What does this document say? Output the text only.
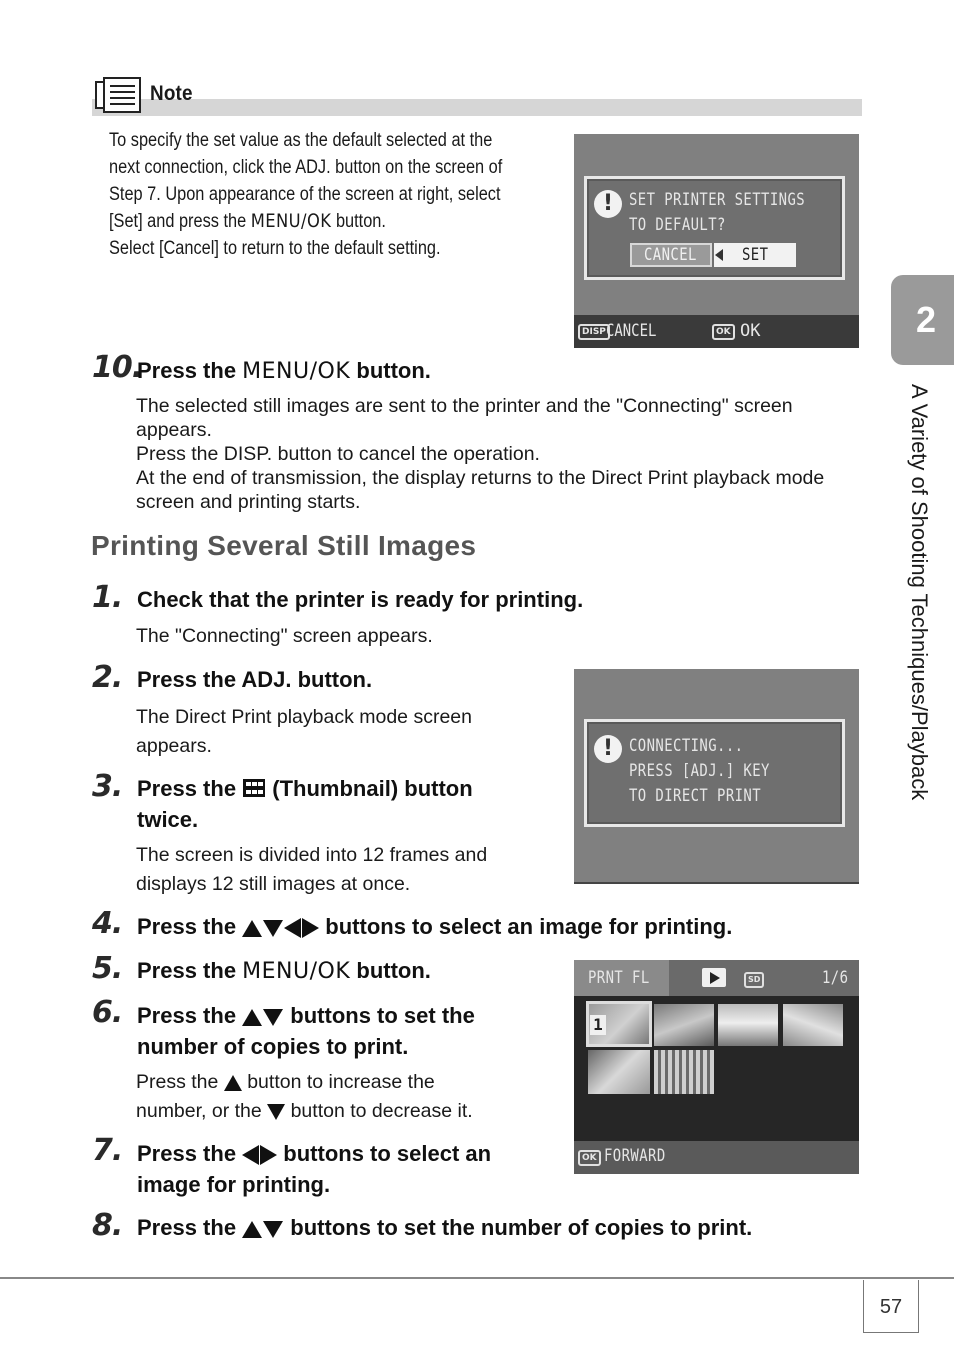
Note

To specify the set value as the default selected at the

next connection, click the ADJ. button on the screen of

Step 7. Upon appearance of the screen at right, select

[Set] and press the MENU/OK button.

Select [Cancel] to return to the default setting.

! SET PRINTER SETTINGS
TO DEFAULT?
CANCEL	SET
DISP CANCEL	OK OK
10.
Press the MENU/OK button.
The selected still images are sent to the printer and the "Connecting" screen
appears.
Press the DISP. button to cancel the operation.
At the end of transmission, the display returns to the Direct Print playback mode
screen and printing starts.
Printing Several Still Images
1. Check that the printer is ready for printing.
The "Connecting" screen appears.
2. Press the ADJ. button.
The Direct Print playback mode screen
appears.	! CONNECTING...
PRESS [ADJ.] KEY
TO DIRECT PRINT
3. Press the  (Thumbnail) button
twice.
The screen is divided into 12 frames and
displays 12 still images at once.
4. Press the	buttons to select an image for printing.
5. Press the MENU/OK button.	PRNT FL	SD	1/6
1
OK FORWARD
6. Press the  buttons to set the
number of copies to print.
Press the  button to increase the
number, or the  button to decrease it.
7. Press the  buttons to select an
image for printing.
8. Press the  buttons to set the number of copies to print.
2
A Variety of Shooting Techniques/Playback
57
